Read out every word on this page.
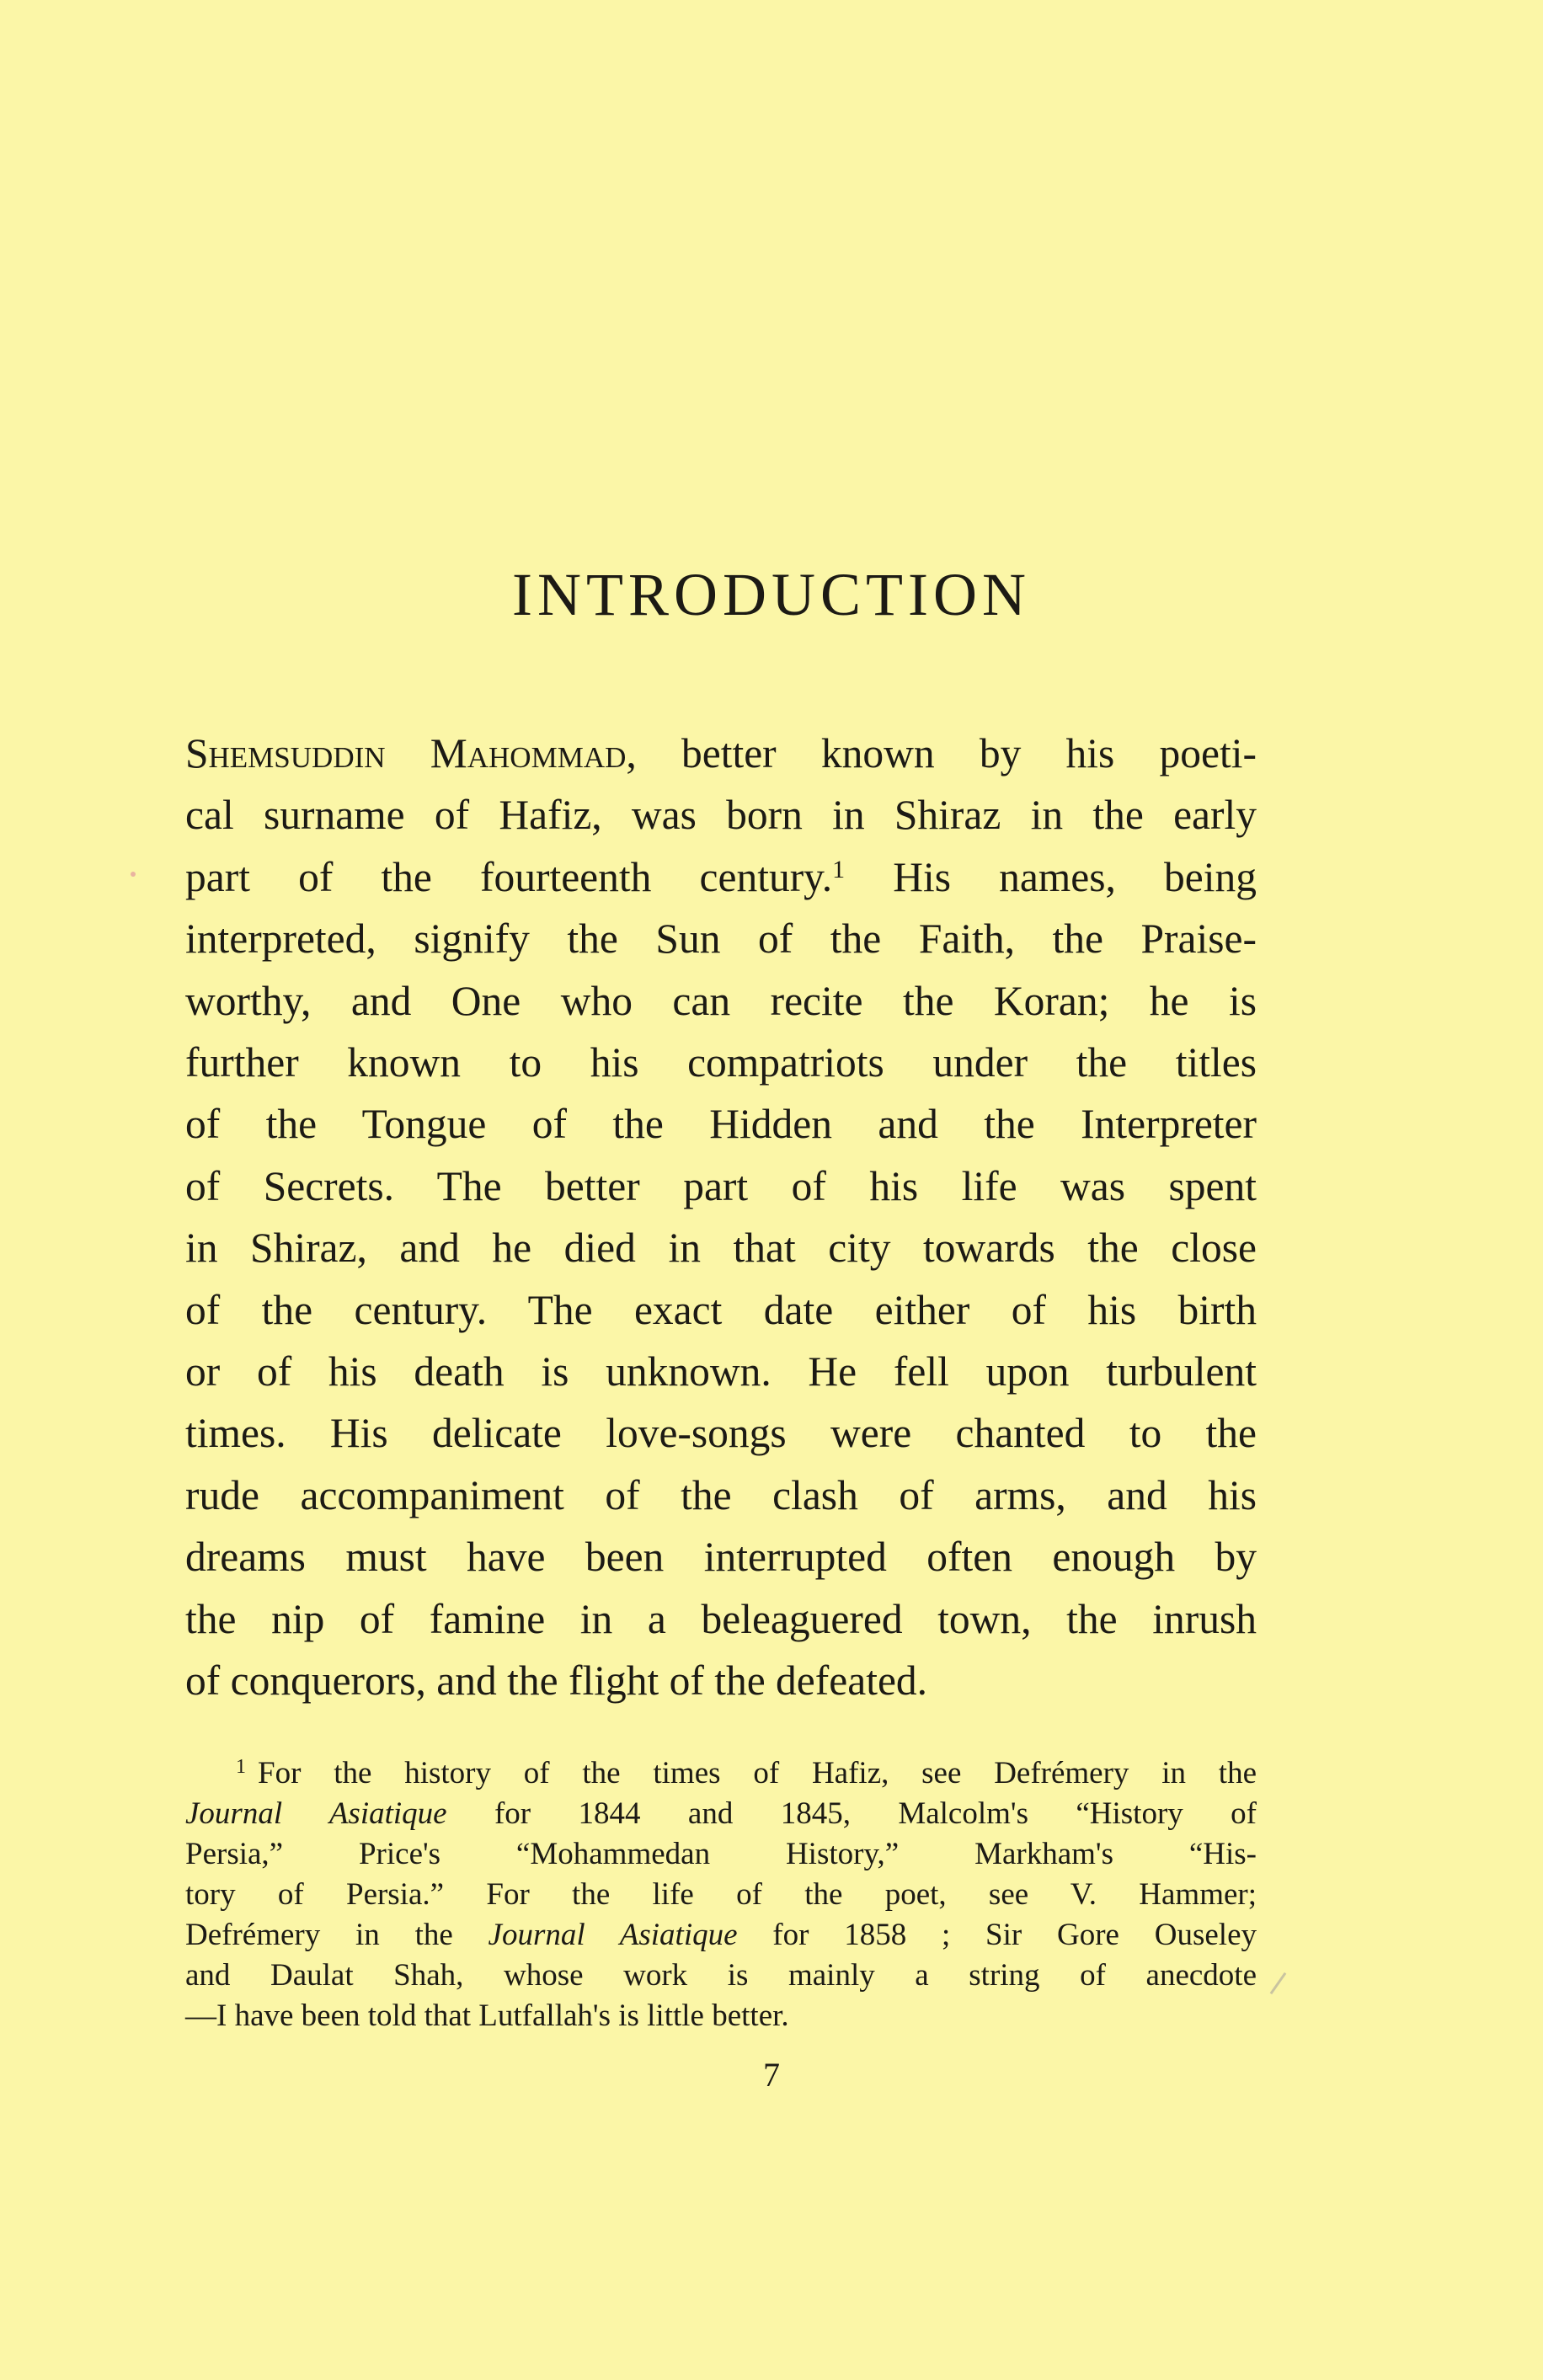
INTRODUCTION
Shemsuddin Mahommad, better known by his poeti-
cal surname of Hafiz, was born in Shiraz in the early
part of the fourteenth century.$^1$ His names, being
interpreted, signify the Sun of the Faith, the Praise-
worthy, and One who can recite the Koran; he is
further known to his compatriots under the titles
of the Tongue of the Hidden and the Interpreter
of Secrets. The better part of his life was spent
in Shiraz, and he died in that city towards the close
of the century. The exact date either of his birth
or of his death is unknown. He fell upon turbulent
times. His delicate love-songs were chanted to the
rude accompaniment of the clash of arms, and his
dreams must have been interrupted often enough by
the nip of famine in a beleaguered town, the inrush
of conquerors, and the flight of the defeated.
$^1$ For the history of the times of Hafiz, see Defrémery in the
Journal Asiatique for 1844 and 1845, Malcolm's “History of
Persia,” Price's “Mohammedan History,” Markham's “His-
tory of Persia.” For the life of the poet, see V. Hammer;
Defrémery in the Journal Asiatique for 1858 ; Sir Gore Ouseley
and Daulat Shah, whose work is mainly a string of anecdote
—I have been told that Lutfallah's is little better.
7
